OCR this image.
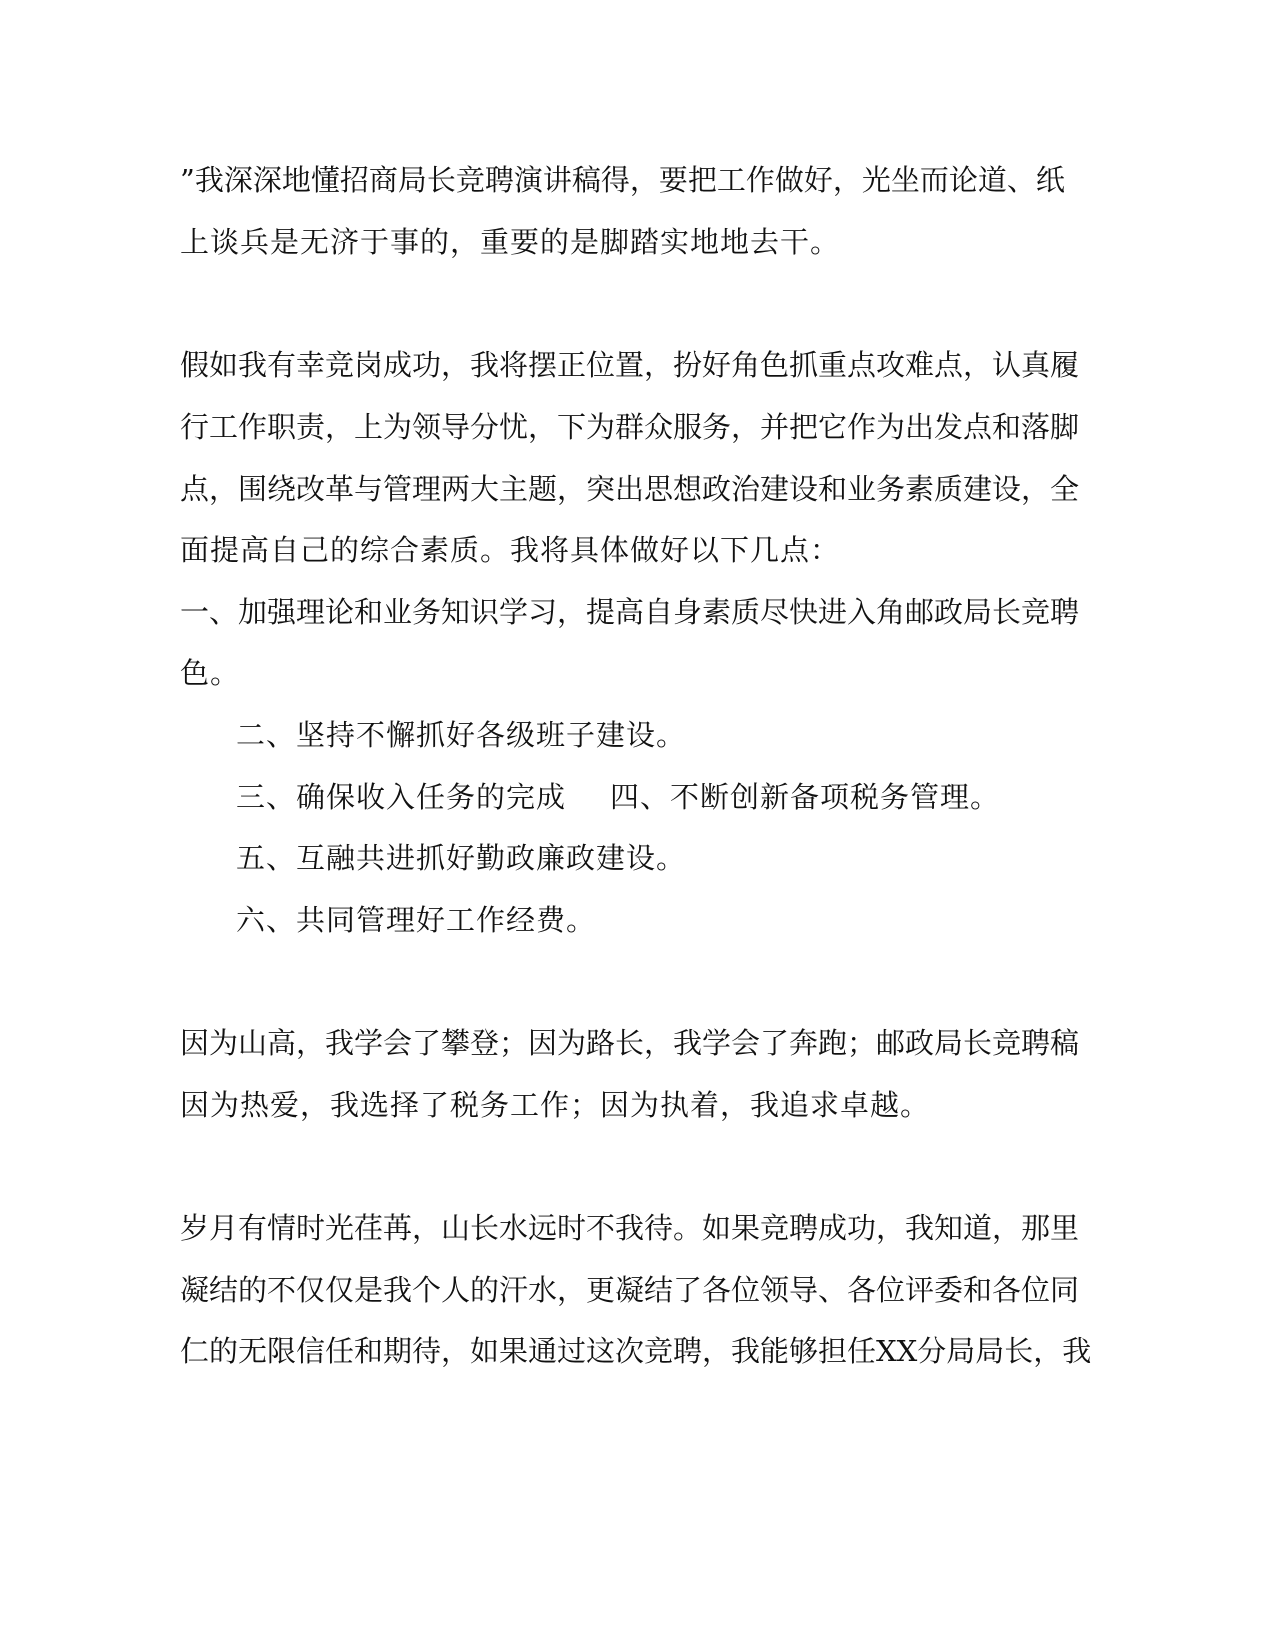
”我深深地懂招商局长竞聘演讲稿得，要把工作做好，光坐而论道、纸

上谈兵是无济于事的，重要的是脚踏实地地去干。

假如我有幸竞岗成功，我将摆正位置，扮好角色抓重点攻难点，认真履

行工作职责，上为领导分忧，下为群众服务，并把它作为出发点和落脚

点，围绕改革与管理两大主题，突出思想政治建设和业务素质建设，全

面提高自己的综合素质。我将具体做好以下几点：

一、加强理论和业务知识学习，提高自身素质尽快进入角邮政局长竞聘

色。

二、坚持不懈抓好各级班子建设。

三、确保收入任务的完成 四、不断创新备项税务管理。

五、互融共进抓好勤政廉政建设。

六、共同管理好工作经费。

因为山高，我学会了攀登；因为路长，我学会了奔跑；邮政局长竞聘稿

因为热爱，我选择了税务工作；因为执着，我追求卓越。

岁月有情时光荏苒，山长水远时不我待。如果竞聘成功，我知道，那里

凝结的不仅仅是我个人的汗水，更凝结了各位领导、各位评委和各位同

仁的无限信任和期待，如果通过这次竞聘，我能够担任XX分局局长，我
